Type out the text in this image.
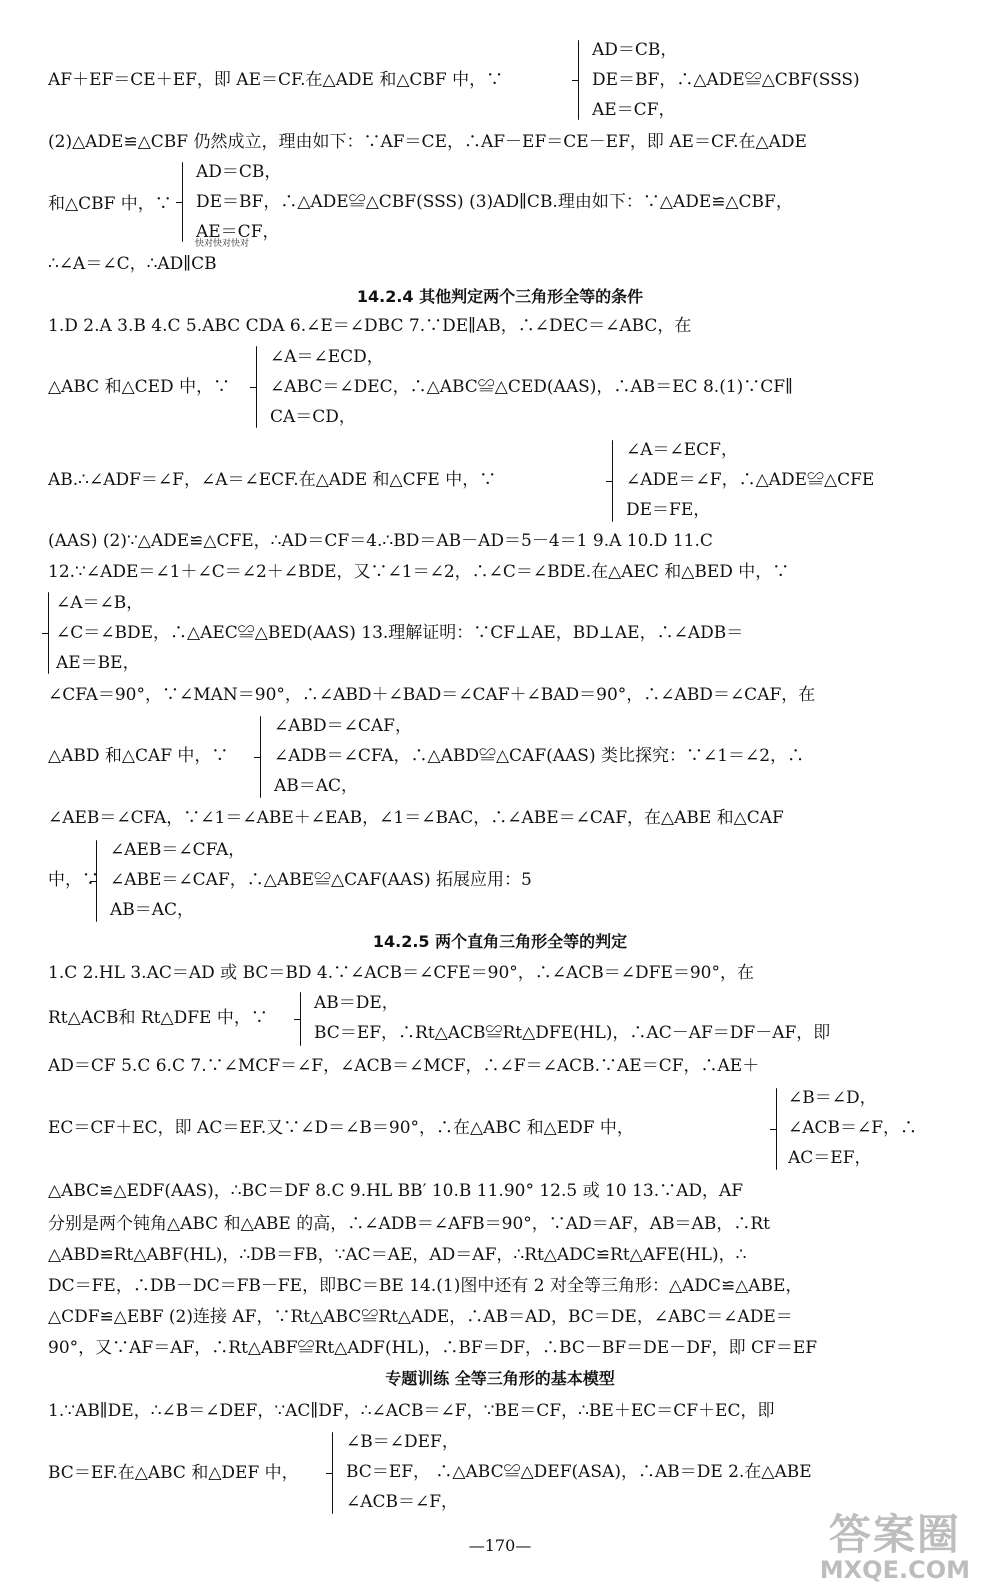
AF＋EF＝CE＋EF，即 AE＝CF.在△ADE 和△CBF 中，∵
AD＝CB，
DE＝BF，∴△ADE≌△CBF(SSS)
AE＝CF，
(2)△ADE≌△CBF 仍然成立，理由如下：∵AF＝CE，∴AF－EF＝CE－EF，即 AE＝CF.在△ADE
和△CBF 中，∵
AD＝CB，
DE＝BF，∴△ADE≌△CBF(SSS) (3)AD∥CB.理由如下：∵△ADE≌△CBF，
AE＝CF，
快对快对快对
∴∠A＝∠C，∴AD∥CB
14.2.4 其他判定两个三角形全等的条件
1.D 2.A 3.B 4.C 5.ABC CDA 6.∠E＝∠DBC 7.∵DE∥AB，∴∠DEC＝∠ABC，在
△ABC 和△CED 中，∵
∠A＝∠ECD，
∠ABC＝∠DEC，∴△ABC≌△CED(AAS)，∴AB＝EC 8.(1)∵CF∥
CA＝CD，
AB.∴∠ADF＝∠F，∠A＝∠ECF.在△ADE 和△CFE 中，∵
∠A＝∠ECF，
∠ADE＝∠F，∴△ADE≌△CFE
DE＝FE，
(AAS) (2)∵△ADE≌△CFE，∴AD＝CF＝4.∴BD＝AB－AD＝5－4＝1 9.A 10.D 11.C
12.∵∠ADE＝∠1＋∠C＝∠2＋∠BDE，又∵∠1＝∠2，∴∠C＝∠BDE.在△AEC 和△BED 中，∵
∠A＝∠B，
∠C＝∠BDE，∴△AEC≌△BED(AAS) 13.理解证明：∵CF⊥AE，BD⊥AE，∴∠ADB＝
AE＝BE，
∠CFA＝90°，∵∠MAN＝90°，∴∠ABD＋∠BAD＝∠CAF＋∠BAD＝90°，∴∠ABD＝∠CAF，在
△ABD 和△CAF 中，∵
∠ABD＝∠CAF，
∠ADB＝∠CFA，∴△ABD≌△CAF(AAS) 类比探究：∵∠1＝∠2，∴
AB＝AC，
∠AEB＝∠CFA，∵∠1＝∠ABE＋∠EAB，∠1＝∠BAC，∴∠ABE＝∠CAF，在△ABE 和△CAF
中，∵
∠AEB＝∠CFA，
∠ABE＝∠CAF，∴△ABE≌△CAF(AAS) 拓展应用：5
AB＝AC，
14.2.5 两个直角三角形全等的判定
1.C 2.HL 3.AC＝AD 或 BC＝BD 4.∵∠ACB＝∠CFE＝90°，∴∠ACB＝∠DFE＝90°，在
Rt△ACB和 Rt△DFE 中，∵
AB＝DE，
BC＝EF，∴Rt△ACB≌Rt△DFE(HL)，∴AC－AF＝DF－AF，即
AD＝CF 5.C 6.C 7.∵∠MCF＝∠F，∠ACB＝∠MCF，∴∠F＝∠ACB.∵AE＝CF，∴AE＋
EC＝CF＋EC，即 AC＝EF.又∵∠D＝∠B＝90°，∴在△ABC 和△EDF 中，
∠B＝∠D，
∠ACB＝∠F，∴
AC＝EF，
△ABC≌△EDF(AAS)，∴BC＝DF 8.C 9.HL BB′ 10.B 11.90° 12.5 或 10 13.∵AD，AF
分别是两个钝角△ABC 和△ABE 的高，∴∠ADB＝∠AFB＝90°，∵AD＝AF，AB＝AB，∴Rt
△ABD≌Rt△ABF(HL)，∴DB＝FB，∵AC＝AE，AD＝AF，∴Rt△ADC≌Rt△AFE(HL)，∴
DC＝FE，∴DB－DC＝FB－FE，即BC＝BE 14.(1)图中还有 2 对全等三角形：△ADC≌△ABE，
△CDF≌△EBF (2)连接 AF，∵Rt△ABC≌Rt△ADE，∴AB＝AD，BC＝DE，∠ABC＝∠ADE＝
90°，又∵AF＝AF，∴Rt△ABF≌Rt△ADF(HL)，∴BF＝DF，∴BC－BF＝DE－DF，即 CF＝EF
专题训练 全等三角形的基本模型
1.∵AB∥DE，∴∠B＝∠DEF，∵AC∥DF，∴∠ACB＝∠F，∵BE＝CF，∴BE＋EC＝CF＋EC，即
BC＝EF.在△ABC 和△DEF 中，
∠B＝∠DEF，
BC＝EF， ∴△ABC≌△DEF(ASA)，∴AB＝DE 2.在△ABE
∠ACB＝∠F，
—170—	答案圈
MXQE.COM
